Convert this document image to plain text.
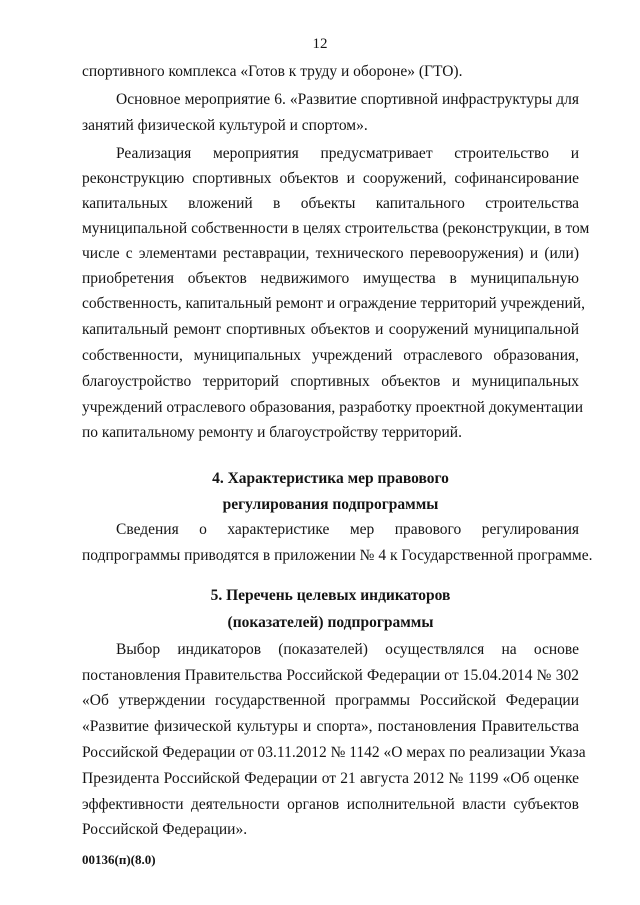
12
спортивного комплекса «Готов к труду и обороне» (ГТО).
Основное мероприятие 6. «Развитие спортивной инфраструктуры для
занятий физической культурой и спортом».
Реализация мероприятия предусматривает строительство и
реконструкцию спортивных объектов и сооружений, софинансирование
капитальных вложений в объекты капитального строительства
муниципальной собственности в целях строительства (реконструкции, в том
числе с элементами реставрации, технического перевооружения) и (или)
приобретения объектов недвижимого имущества в муниципальную
собственность, капитальный ремонт и ограждение территорий учреждений,
капитальный ремонт спортивных объектов и сооружений муниципальной
собственности, муниципальных учреждений отраслевого образования,
благоустройство территорий спортивных объектов и муниципальных
учреждений отраслевого образования, разработку проектной документации
по капитальному ремонту и благоустройству территорий.
4. Характеристика мер правового
регулирования подпрограммы
Сведения о характеристике мер правового регулирования
подпрограммы приводятся в приложении № 4 к Государственной программе.
5. Перечень целевых индикаторов
(показателей) подпрограммы
Выбор индикаторов (показателей) осуществлялся на основе
постановления Правительства Российской Федерации от 15.04.2014 № 302
«Об утверждении государственной программы Российской Федерации
«Развитие физической культуры и спорта», постановления Правительства
Российской Федерации от 03.11.2012 № 1142 «О мерах по реализации Указа
Президента Российской Федерации от 21 августа 2012 № 1199 «Об оценке
эффективности деятельности органов исполнительной власти субъектов
Российской Федерации».
00136(п)(8.0)
